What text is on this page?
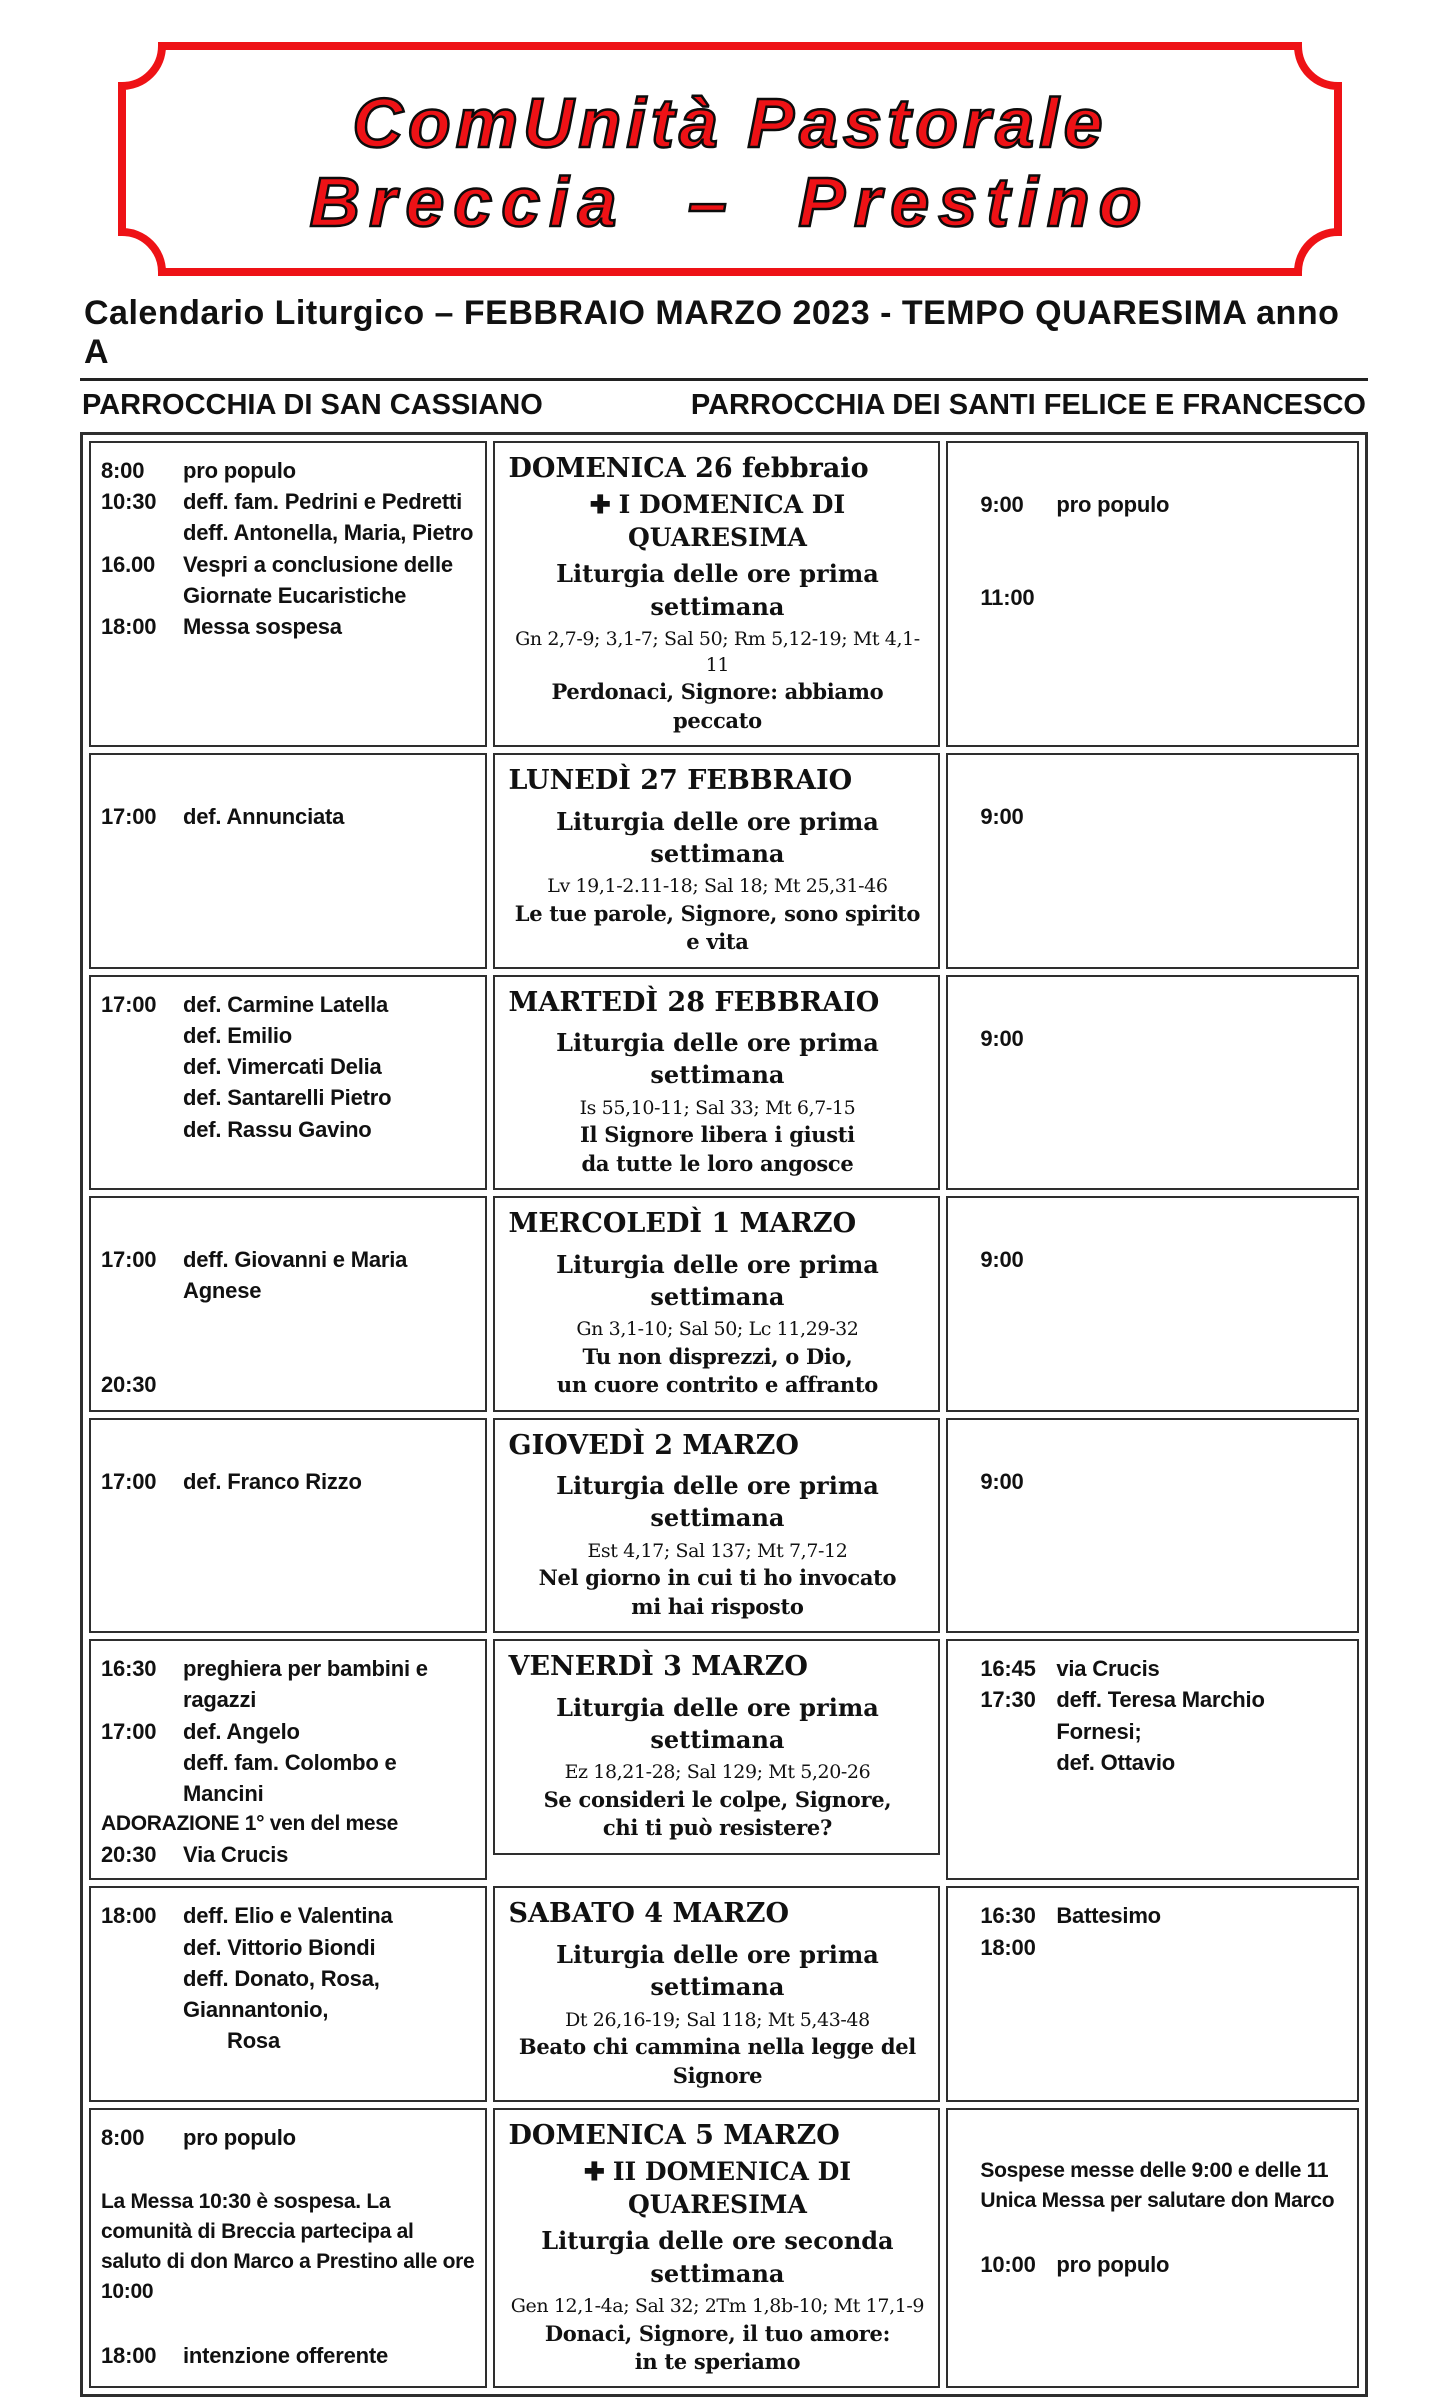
ComUnità Pastorale
Breccia – Prestino
Calendario Liturgico – FEBBRAIO MARZO 2023 - TEMPO QUARESIMA anno A
PARROCCHIA DI SAN CASSIANO	PARROCCHIA DEI SANTI FELICE E FRANCESCO
8:00	pro populo
10:30	deff. fam. Pedrini e Pedretti
deff. Antonella, Maria, Pietro
16.00	Vespri a conclusione delle
Giornate Eucaristiche
18:00	Messa sospesa

DOMENICA 26 febbraio
✚ I DOMENICA DI QUARESIMA
Liturgia delle ore prima settimana
Gn 2,7-9; 3,1-7; Sal 50; Rm 5,12-19; Mt 4,1-11
Perdonaci, Signore: abbiamo peccato
9:00	pro populo
11:00

17:00	def. Annunciata

LUNEDÌ 27 FEBBRAIO
Liturgia delle ore prima settimana
Lv 19,1-2.11-18; Sal 18; Mt 25,31-46
Le tue parole, Signore, sono spirito e vita
9:00

17:00	def. Carmine Latella
def. Emilio
def. Vimercati Delia
def. Santarelli Pietro
def. Rassu Gavino

MARTEDÌ 28 FEBBRAIO
Liturgia delle ore prima settimana
Is 55,10-11; Sal 33; Mt 6,7-15
Il Signore libera i giusti
da tutte le loro angosce
9:00

17:00	deff. Giovanni e Maria Agnese
20:30

MERCOLEDÌ 1 MARZO
Liturgia delle ore prima settimana
Gn 3,1-10; Sal 50; Lc 11,29-32
Tu non disprezzi, o Dio,
un cuore contrito e affranto
9:00

17:00	def. Franco Rizzo

GIOVEDÌ 2 MARZO
Liturgia delle ore prima settimana
Est 4,17; Sal 137; Mt 7,7-12
Nel giorno in cui ti ho invocato
mi hai risposto
9:00

16:30	preghiera per bambini e ragazzi
17:00	def. Angelo
deff. fam. Colombo e Mancini
ADORAZIONE 1° ven del mese
20:30	Via Crucis

VENERDÌ 3 MARZO
Liturgia delle ore prima settimana
Ez 18,21-28; Sal 129; Mt 5,20-26
Se consideri le colpe, Signore,
chi ti può resistere?
16:45 via Crucis
17:30 deff. Teresa Marchio Fornesi;
def. Ottavio

18:00	deff. Elio e Valentina
def. Vittorio Biondi
deff. Donato, Rosa, Giannantonio,
Rosa

SABATO 4 MARZO
Liturgia delle ore prima settimana
Dt 26,16-19; Sal 118; Mt 5,43-48
Beato chi cammina nella legge del Signore
16:30 Battesimo
18:00

8:00	pro populo
La Messa 10:30 è sospesa. La comunità di Breccia partecipa al saluto di don Marco a Prestino alle ore 10:00
18:00	intenzione offerente

DOMENICA 5 MARZO
✚ II DOMENICA DI QUARESIMA
Liturgia delle ore seconda settimana
Gen 12,1-4a; Sal 32; 2Tm 1,8b-10; Mt 17,1-9
Donaci, Signore, il tuo amore:
in te speriamo
Sospese messe delle 9:00 e delle 11
Unica Messa per salutare don Marco
10:00 pro populo
